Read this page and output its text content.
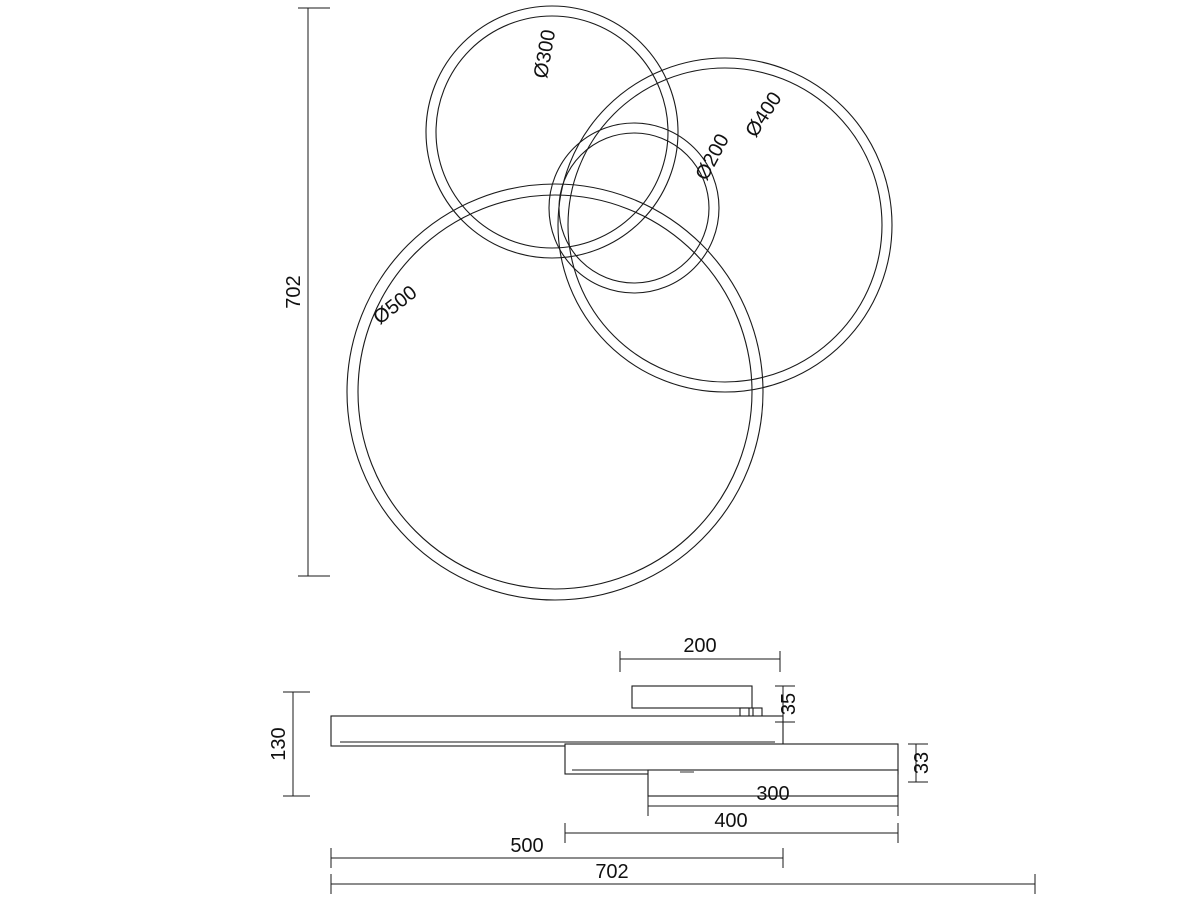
702
Ø300
Ø400
Ø200
Ø500
200
35
33
130
300
400
500
702
